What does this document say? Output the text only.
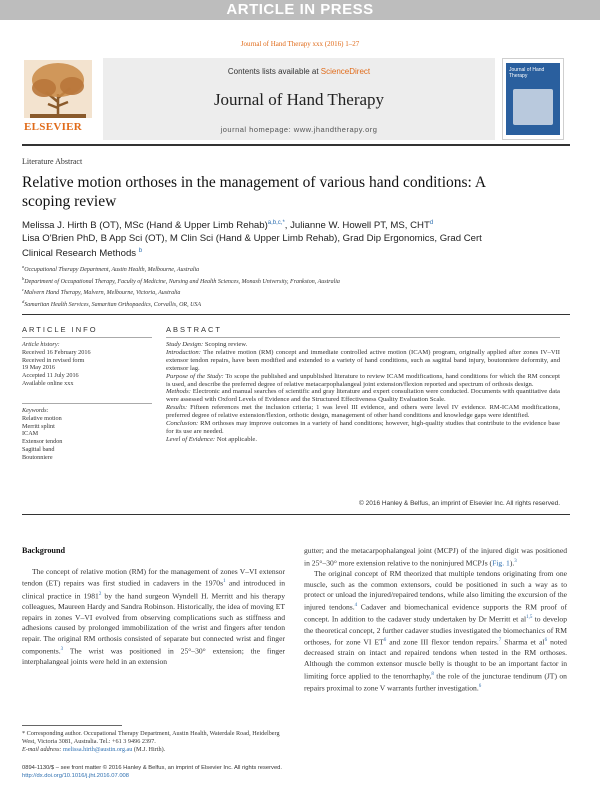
ARTICLE IN PRESS
Journal of Hand Therapy xxx (2016) 1–27
ELSEVIER
Contents lists available at ScienceDirect
Journal of Hand Therapy
journal homepage: www.jhandtherapy.org
Journal of Hand Therapy
Literature Abstract
Relative motion orthoses in the management of various hand conditions: A scoping review
Melissa J. Hirth B (OT), MSc (Hand & Upper Limb Rehab)$^{a,b,c,*}$, Julianne W. Howell PT, MS, CHT$^d$
Lisa O'Brien PhD, B App Sci (OT), M Clin Sci (Hand & Upper Limb Rehab), Grad Dip Ergonomics, Grad Cert
Clinical Research Methods $^b$
$^a$Occupational Therapy Department, Austin Health, Melbourne, Australia
$^b$Department of Occupational Therapy, Faculty of Medicine, Nursing and Health Sciences, Monash University, Frankston, Australia
$^c$Malvern Hand Therapy, Malvern, Melbourne, Victoria, Australia
$^d$Samaritan Health Services, Samaritan Orthopaedics, Corvallis, OR, USA
ARTICLE INFO
Article history:
Received 16 February 2016
Received in revised form
19 May 2016
Accepted 11 July 2016
Available online xxx
Keywords:
Relative motion
Merritt splint
ICAM
Extensor tendon
Sagittal band
Boutonniere
ABSTRACT

Study Design: Scoping review.

Introduction: The relative motion (RM) concept and immediate controlled active motion (ICAM) program, originally applied after zones IV–VII extensor tendon repairs, have been modified and extended to a variety of hand conditions, such as sagittal band injury, boutonniere deformity, and extensor lag.

Purpose of the Study: To scope the published and unpublished literature to review ICAM modifications, hand conditions for which the RM concept is used, and describe the preferred degree of relative metacarpophalangeal joint extension/flexion reported and spectrum of orthosis design.

Methods: Electronic and manual searches of scientific and gray literature and expert consultation were conducted. Documents with quantitative data were assessed with Oxford Levels of Evidence and the Structured Effectiveness Quality Evaluation Scale.

Results: Fifteen references met the inclusion criteria; 1 was level III evidence, and others were level IV evidence. RM-ICAM modifications, preferred degree of relative extension/flexion, orthotic design, management of other hand conditions and knowledge gaps were identified.

Conclusion: RM orthoses may improve outcomes in a variety of hand conditions; however, high-quality studies that contribute to the evidence base for its use are needed.

Level of Evidence: Not applicable.

© 2016 Hanley & Belfus, an imprint of Elsevier Inc. All rights reserved.
Background

The concept of relative motion (RM) for the management of zones V–VI extensor tendon (ET) repairs was first studied in cadavers in the $1970s^1$ and introduced in clinical practice in 1981$^2$ by the hand surgeon Wyndell H. Merritt and his therapy colleagues, Maureen Hardy and Sandra Robinson. Historically, the idea of moving ET repairs in zones V–VI evolved from observing complications such as stiffness and adhesions caused by prolonged immobilization of the wrist and fingers after tendon repair. The original RM orthosis consisted of separate but connected wrist and finger components.$^3$ The wrist was positioned in 25°–30° extension; the finger interphalangeal joints were held in an extension

gutter; and the metacarpophalangeal joint (MCPJ) of the injured digit was positioned in 25°–30° more extension relative to the noninjured MCPJs (Fig. 1).$^3$

The original concept of RM theorized that multiple tendons originating from one muscle, such as the common extensors, could be positioned in such a way as to protect or unload the injured/repaired tendons, while also limiting the excursion of the injured tendons.$^4$ Cadaver and biomechanical evidence supports the RM proof of concept. In addition to the cadaver study undertaken by Dr Merritt et al$^{1,5}$ to develop the theoretical concept, 2 further cadaver studies investigated the biomechanics of RM orthoses, for zone VI $ET^6$ and zone III flexor tendon repairs.$^7$ Sharma et $al^6$ noted decreased strain on intact and repaired tendons when tested in the RM orthoses. Although the common extensor muscle belly is thought to be an important factor in limiting force applied to the tenorrhaphy,$^8$ the role of the juncturae tendinum (JT) on repairs proximal to zone V warrants further investigation.$^6$

* Corresponding author. Occupational Therapy Department, Austin Health, Waterdale Road, Heidelberg West, Victoria 3081, Australia. Tel.: +61 3 9496 2397.
E-mail address: melissa.hirth@austin.org.au (M.J. Hirth).
0894-1130/$ – see front matter © 2016 Hanley & Belfus, an imprint of Elsevier Inc. All rights reserved.
http://dx.doi.org/10.1016/j.jht.2016.07.008
